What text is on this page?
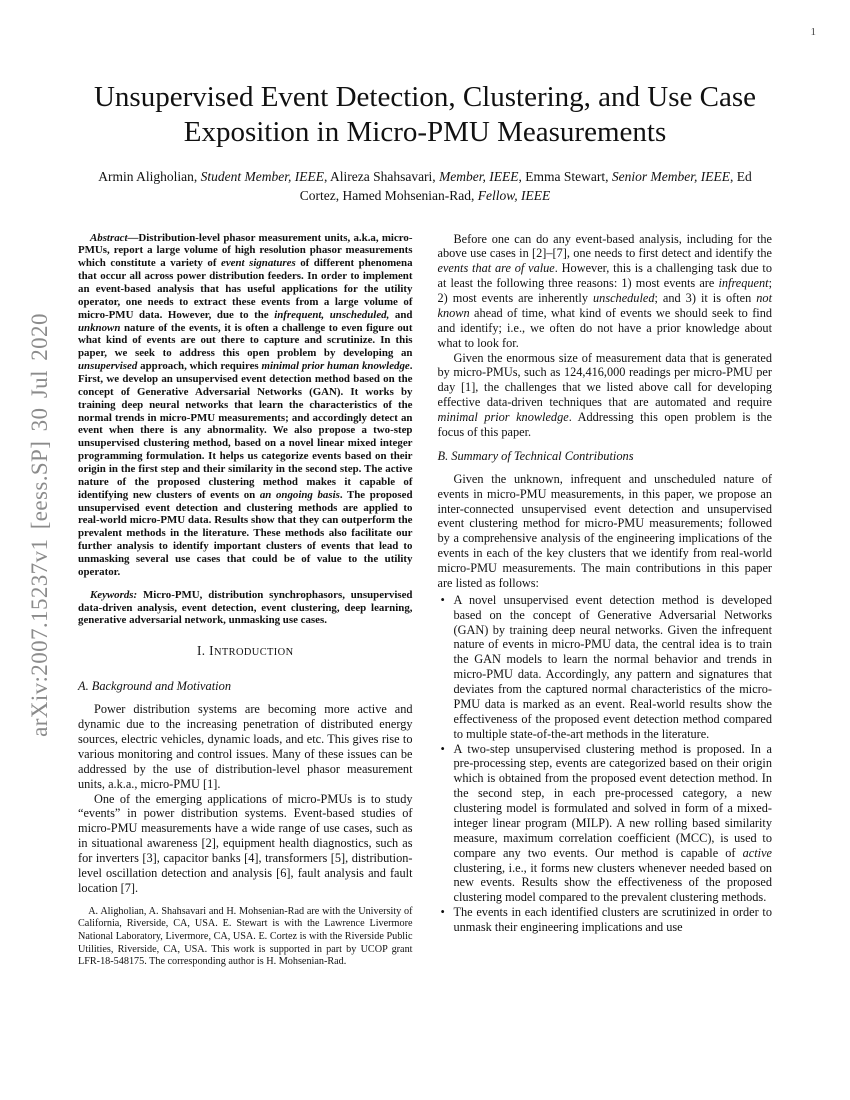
1
arXiv:2007.15237v1 [eess.SP] 30 Jul 2020
Unsupervised Event Detection, Clustering, and Use Case Exposition in Micro-PMU Measurements

Armin Aligholian, Student Member, IEEE, Alireza Shahsavari, Member, IEEE, Emma Stewart, Senior Member, IEEE, Ed Cortez, Hamed Mohsenian-Rad, Fellow, IEEE

Abstract—Distribution-level phasor measurement units, a.k.a, micro-PMUs, report a large volume of high resolution phasor measurements which constitute a variety of event signatures of different phenomena that occur all across power distribution feeders. In order to implement an event-based analysis that has useful applications for the utility operator, one needs to extract these events from a large volume of micro-PMU data. However, due to the infrequent, unscheduled, and unknown nature of the events, it is often a challenge to even figure out what kind of events are out there to capture and scrutinize. In this paper, we seek to address this open problem by developing an unsupervised approach, which requires minimal prior human knowledge. First, we develop an unsupervised event detection method based on the concept of Generative Adversarial Networks (GAN). It works by training deep neural networks that learn the characteristics of the normal trends in micro-PMU measurements; and accordingly detect an event when there is any abnormality. We also propose a two-step unsupervised clustering method, based on a novel linear mixed integer programming formulation. It helps us categorize events based on their origin in the first step and their similarity in the second step. The active nature of the proposed clustering method makes it capable of identifying new clusters of events on an ongoing basis. The proposed unsupervised event detection and clustering methods are applied to real-world micro-PMU data. Results show that they can outperform the prevalent methods in the literature. These methods also facilitate our further analysis to identify important clusters of events that lead to unmasking several use cases that could be of value to the utility operator.

Keywords: Micro-PMU, distribution synchrophasors, unsupervised data-driven analysis, event detection, event clustering, deep learning, generative adversarial network, unmasking use cases.

I. INTRODUCTION
A. Background and Motivation

Power distribution systems are becoming more active and dynamic due to the increasing penetration of distributed energy sources, electric vehicles, dynamic loads, and etc. This gives rise to various monitoring and control issues. Many of these issues can be addressed by the use of distribution-level phasor measurement units, a.k.a., micro-PMU [1].

One of the emerging applications of micro-PMUs is to study “events” in power distribution systems. Event-based studies of micro-PMU measurements have a wide range of use cases, such as in situational awareness [2], equipment health diagnostics, such as for inverters [3], capacitor banks [4], transformers [5], distribution-level oscillation detection and analysis [6], fault analysis and fault location [7].

A. Aligholian, A. Shahsavari and H. Mohsenian-Rad are with the University of California, Riverside, CA, USA. E. Stewart is with the Lawrence Livermore National Laboratory, Livermore, CA, USA. E. Cortez is with the Riverside Public Utilities, Riverside, CA, USA. This work is supported in part by UCOP grant LFR-18-548175. The corresponding author is H. Mohsenian-Rad.

Before one can do any event-based analysis, including for the above use cases in [2]–[7], one needs to first detect and identify the events that are of value. However, this is a challenging task due to at least the following three reasons: 1) most events are infrequent; 2) most events are inherently unscheduled; and 3) it is often not known ahead of time, what kind of events we should seek to find and identify; i.e., we often do not have a prior knowledge about what to look for.

Given the enormous size of measurement data that is generated by micro-PMUs, such as 124,416,000 readings per micro-PMU per day [1], the challenges that we listed above call for developing effective data-driven techniques that are automated and require minimal prior knowledge. Addressing this open problem is the focus of this paper.

B. Summary of Technical Contributions

Given the unknown, infrequent and unscheduled nature of events in micro-PMU measurements, in this paper, we propose an inter-connected unsupervised event detection and unsupervised event clustering method for micro-PMU measurements; followed by a comprehensive analysis of the engineering implications of the events in each of the key clusters that we identify from real-world micro-PMU measurements. The main contributions in this paper are listed as follows:

• A novel unsupervised event detection method is developed based on the concept of Generative Adversarial Networks (GAN) by training deep neural networks. Given the infrequent nature of events in micro-PMU data, the central idea is to train the GAN models to learn the normal behavior and trends in micro-PMU data. Accordingly, any pattern and signatures that deviates from the captured normal characteristics of the micro-PMU data is marked as an event. Real-world results show the effectiveness of the proposed event detection method compared to multiple state-of-the-art methods in the literature.
• A two-step unsupervised clustering method is proposed. In a pre-processing step, events are categorized based on their origin which is obtained from the proposed event detection method. In the second step, in each pre-processed category, a new clustering model is formulated and solved in form of a mixed-integer linear program (MILP). A new rolling based similarity measure, maximum correlation coefficient (MCC), is used to compare any two events. Our method is capable of active clustering, i.e., it forms new clusters whenever needed based on new events. Results show the effectiveness of the proposed clustering model compared to the prevalent clustering methods.
• The events in each identified clusters are scrutinized in order to unmask their engineering implications and use
